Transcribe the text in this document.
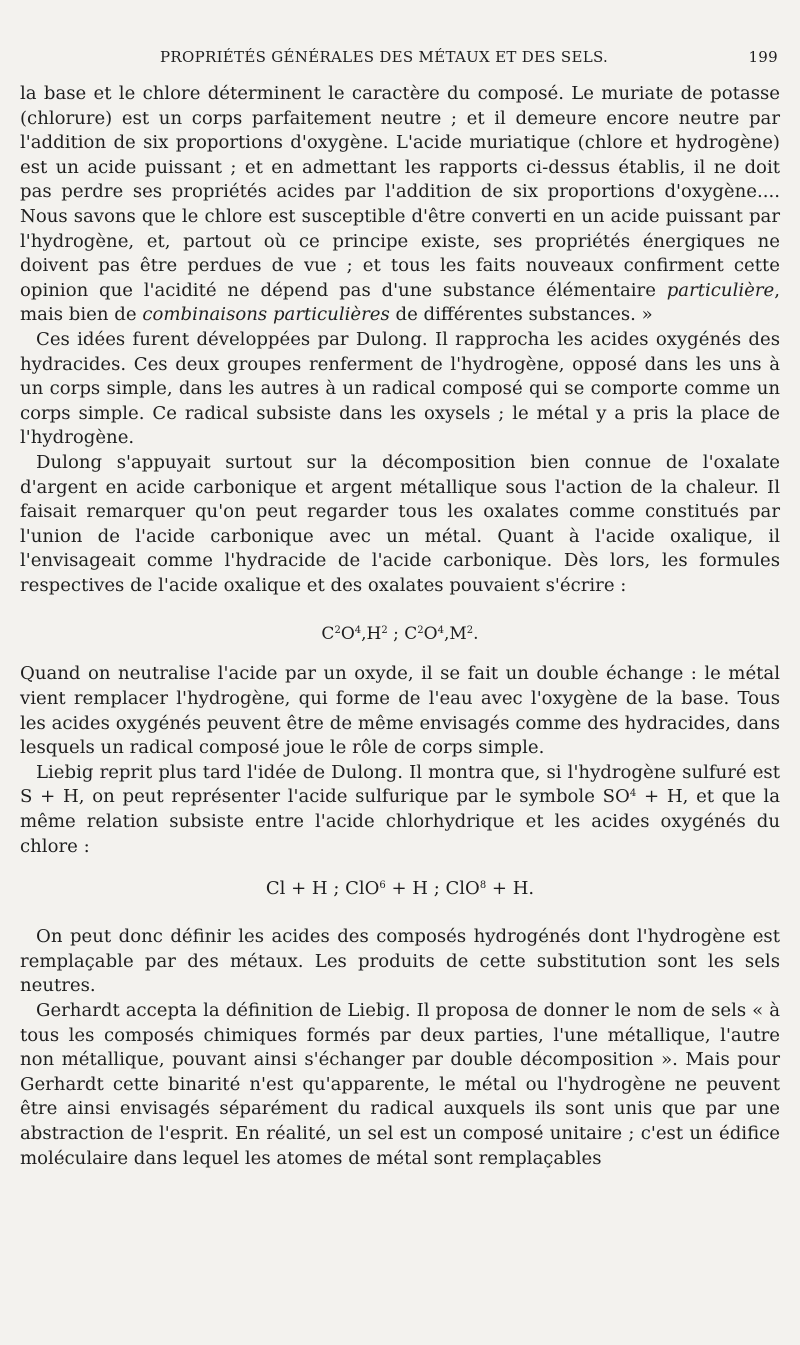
PROPRIÉTÉS GÉNÉRALES DES MÉTAUX ET DES SELS.	199

la base et le chlore déterminent le caractère du composé. Le muriate de potasse (chlorure) est un corps parfaitement neutre ; et il demeure encore neutre par l'addition de six proportions d'oxygène. L'acide muriatique (chlore et hydrogène) est un acide puissant ; et en admettant les rapports ci-dessus établis, il ne doit pas perdre ses propriétés acides par l'addition de six proportions d'oxygène.... Nous savons que le chlore est susceptible d'être converti en un acide puissant par l'hydrogène, et, partout où ce principe existe, ses propriétés énergiques ne doivent pas être perdues de vue ; et tous les faits nouveaux confirment cette opinion que l'acidité ne dépend pas d'une substance élémentaire particulière, mais bien de combinaisons particulières de différentes substances. »

Ces idées furent développées par Dulong. Il rapprocha les acides oxygénés des hydracides. Ces deux groupes renferment de l'hydrogène, opposé dans les uns à un corps simple, dans les autres à un radical composé qui se comporte comme un corps simple. Ce radical subsiste dans les oxysels ; le métal y a pris la place de l'hydrogène.

Dulong s'appuyait surtout sur la décomposition bien connue de l'oxalate d'argent en acide carbonique et argent métallique sous l'action de la chaleur. Il faisait remarquer qu'on peut regarder tous les oxalates comme constitués par l'union de l'acide carbonique avec un métal. Quant à l'acide oxalique, il l'envisageait comme l'hydracide de l'acide carbonique. Dès lors, les formules respectives de l'acide oxalique et des oxalates pouvaient s'écrire :

$C^2O^4,H^2$ ; $C^2O^4,M^2$.

Quand on neutralise l'acide par un oxyde, il se fait un double échange : le métal vient remplacer l'hydrogène, qui forme de l'eau avec l'oxygène de la base. Tous les acides oxygénés peuvent être de même envisagés comme des hydracides, dans lesquels un radical composé joue le rôle de corps simple.

Liebig reprit plus tard l'idée de Dulong. Il montra que, si l'hydrogène sulfuré est S + H, on peut représenter l'acide sulfurique par le symbole $SO^4 + H$, et que la même relation subsiste entre l'acide chlorhydrique et les acides oxygénés du chlore :

Cl + H ; ClO$^6$ + H ; ClO$^8$ + H.

On peut donc définir les acides des composés hydrogénés dont l'hydrogène est remplaçable par des métaux. Les produits de cette substitution sont les sels neutres.

Gerhardt accepta la définition de Liebig. Il proposa de donner le nom de sels « à tous les composés chimiques formés par deux parties, l'une métallique, l'autre non métallique, pouvant ainsi s'échanger par double décomposition ». Mais pour Gerhardt cette binarité n'est qu'apparente, le métal ou l'hydrogène ne peuvent être ainsi envisagés séparément du radical auxquels ils sont unis que par une abstraction de l'esprit. En réalité, un sel est un composé unitaire ; c'est un édifice moléculaire dans lequel les atomes de métal sont remplaçables
